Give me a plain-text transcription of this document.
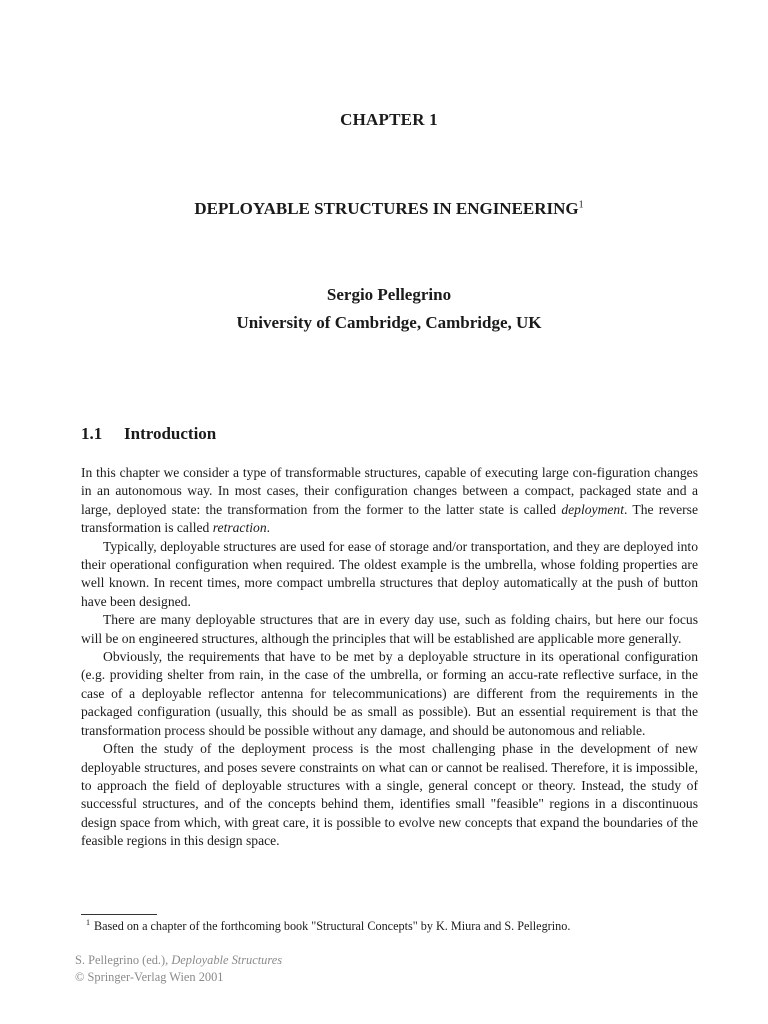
CHAPTER 1
DEPLOYABLE STRUCTURES IN ENGINEERING$^1$
Sergio Pellegrino
University of Cambridge, Cambridge, UK
1.1 Introduction

In this chapter we consider a type of transformable structures, capable of executing large con-figuration changes in an autonomous way. In most cases, their configuration changes between a compact, packaged state and a large, deployed state: the transformation from the former to the latter state is called deployment. The reverse transformation is called retraction.

Typically, deployable structures are used for ease of storage and/or transportation, and they are deployed into their operational configuration when required. The oldest example is the umbrella, whose folding properties are well known. In recent times, more compact umbrella structures that deploy automatically at the push of button have been designed.

There are many deployable structures that are in every day use, such as folding chairs, but here our focus will be on engineered structures, although the principles that will be established are applicable more generally.

Obviously, the requirements that have to be met by a deployable structure in its operational configuration (e.g. providing shelter from rain, in the case of the umbrella, or forming an accu-rate reflective surface, in the case of a deployable reflector antenna for telecommunications) are different from the requirements in the packaged configuration (usually, this should be as small as possible). But an essential requirement is that the transformation process should be possible without any damage, and should be autonomous and reliable.

Often the study of the deployment process is the most challenging phase in the development of new deployable structures, and poses severe constraints on what can or cannot be realised. Therefore, it is impossible, to approach the field of deployable structures with a single, general concept or theory. Instead, the study of successful structures, and of the concepts behind them, identifies small "feasible" regions in a discontinuous design space from which, with great care, it is possible to evolve new concepts that expand the boundaries of the feasible regions in this design space.

$^1$ Based on a chapter of the forthcoming book "Structural Concepts" by K. Miura and S. Pellegrino.
S. Pellegrino (ed.), Deployable Structures
© Springer-Verlag Wien 2001
